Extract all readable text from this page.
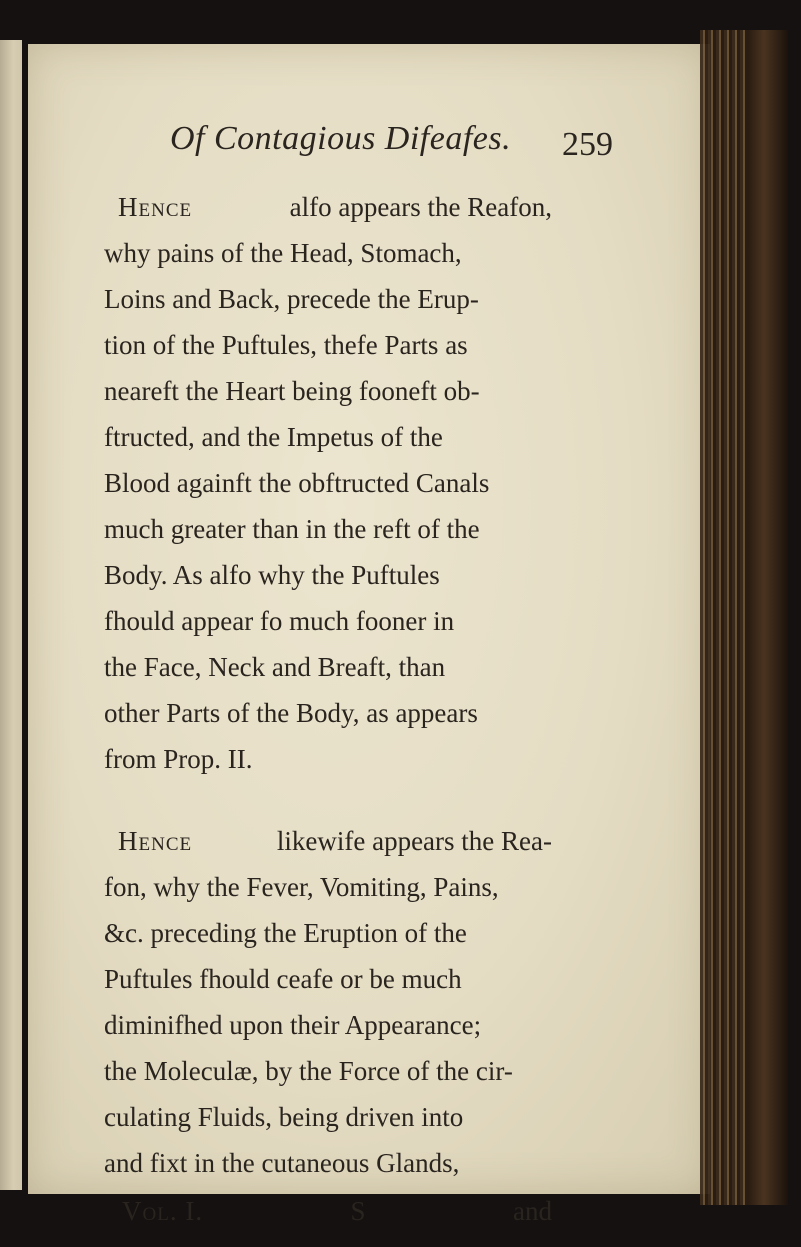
Of Contagious Difeafes. 259
Hence	alfo appears the Reafon,
why pains of the Head, Stomach,
Loins and Back, precede the Erup-
tion of the Puftules, thefe Parts as
neareft the Heart being fooneft ob-
ftructed, and the Impetus of the
Blood againft the obftructed Canals
much greater than in the reft of the
Body. As alfo why the Puftules
fhould appear fo much fooner in
the Face, Neck and Breaft, than
other Parts of the Body, as appears
from Prop. II.
Hence	likewife appears the Rea-
fon, why the Fever, Vomiting, Pains,
&c. preceding the Eruption of the
Puftules fhould ceafe or be much
diminifhed upon their Appearance;
the Moleculæ, by the Force of the cir-
culating Fluids, being driven into
and fixt in the cutaneous Glands,
Vol. I.	S	and
